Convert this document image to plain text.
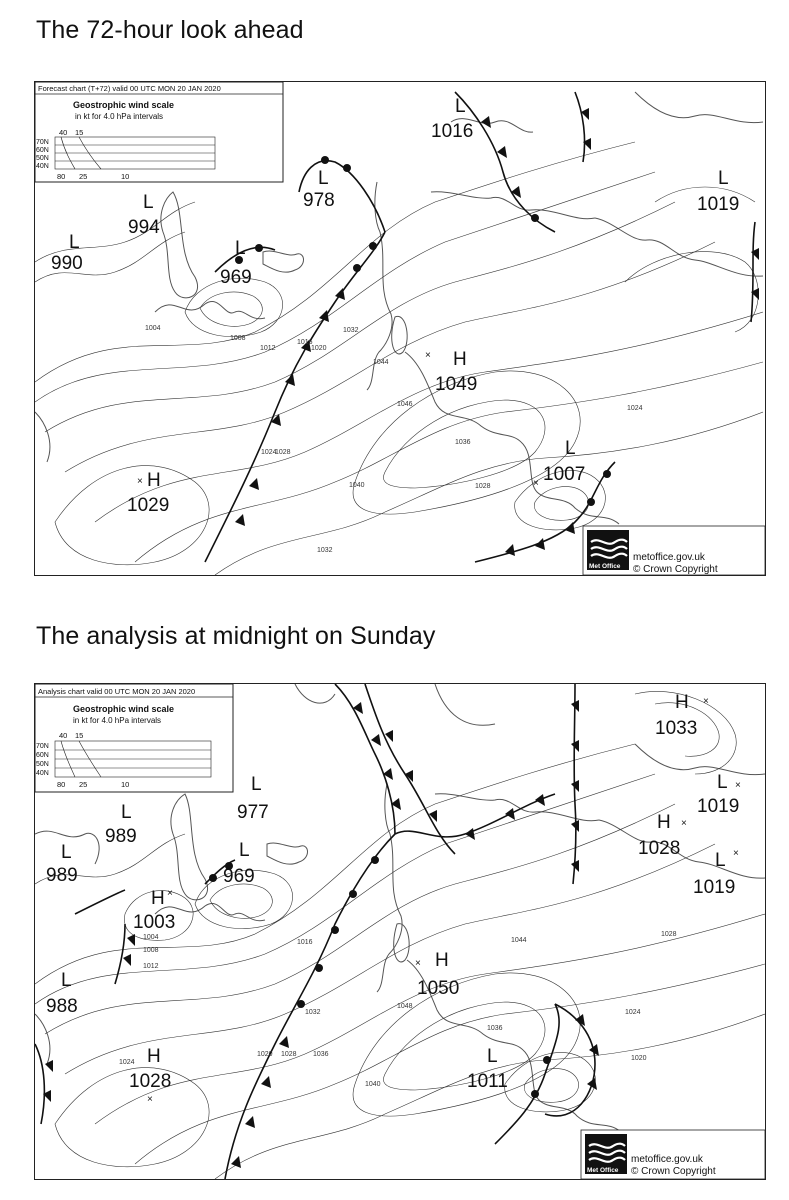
The 72-hour look ahead
Forecast chart (T+72) valid 00 UTC MON 20 JAN 2020
Geostrophic wind scale
in kt for 4.0 hPa intervals
40 15
70N
60N
50N
40N
80 25	10
L
1016
L
1019
L
978
L
994
L
990
L
969
H
1049
L
1007
H
1029
×
×
×
1004
1008
1012
1016
1020
1024
1028
1032
1036
1040
1044
1046
1024
1028
1032
Met Office
metoffice.gov.uk
© Crown Copyright
The analysis at midnight on Sunday
Analysis chart valid 00 UTC MON 20 JAN 2020
Geostrophic wind scale
in kt for 4.0 hPa intervals
40 15
70N
60N
50N
40N
80 25	10
H
1033
L
1019
H
1028
L
1019
L
977
L
989
L
989
L
969
H
1003
L
988
H
1050
H
1028
L
1011
×
×
×
×
×
×
×
1004
1008
1012
1016
1020
1024
1028
1032
1036
1040
1044
1048
1024
1020
1028
1036
Met Office
metoffice.gov.uk
© Crown Copyright
